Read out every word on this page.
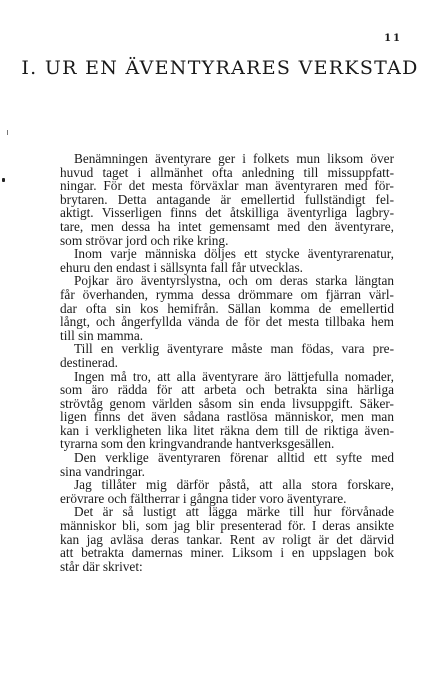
11
I. UR EN ÄVENTYRARES VERKSTAD
Benämningen äventyrare ger i folkets mun liksom över
huvud taget i allmänhet ofta anledning till missuppfatt-
ningar. För det mesta förväxlar man äventyraren med för-
brytaren. Detta antagande är emellertid fullständigt fel-
aktigt. Visserligen finns det åtskilliga äventyrliga lagbry-
tare, men dessa ha intet gemensamt med den äventyrare,
som strövar jord och rike kring.
Inom varje människa döljes ett stycke äventyrarenatur,
ehuru den endast i sällsynta fall får utvecklas.
Pojkar äro äventyrslystna, och om deras starka längtan
får överhanden, rymma dessa drömmare om fjärran värl-
dar ofta sin kos hemifrån. Sällan komma de emellertid
långt, och ångerfyllda vända de för det mesta tillbaka hem
till sin mamma.
Till en verklig äventyrare måste man födas, vara pre-
destinerad.
Ingen må tro, att alla äventyrare äro lättjefulla nomader,
som äro rädda för att arbeta och betrakta sina härliga
strövtåg genom världen såsom sin enda livsuppgift. Säker-
ligen finns det även sådana rastlösa människor, men man
kan i verkligheten lika litet räkna dem till de riktiga även-
tyrarna som den kringvandrande hantverksgesällen.
Den verklige äventyraren förenar alltid ett syfte med
sina vandringar.
Jag tillåter mig därför påstå, att alla stora forskare,
erövrare och fältherrar i gångna tider voro äventyrare.
Det är så lustigt att lägga märke till hur förvånade
människor bli, som jag blir presenterad för. I deras ansikte
kan jag avläsa deras tankar. Rent av roligt är det därvid
att betrakta damernas miner. Liksom i en uppslagen bok
står där skrivet:
